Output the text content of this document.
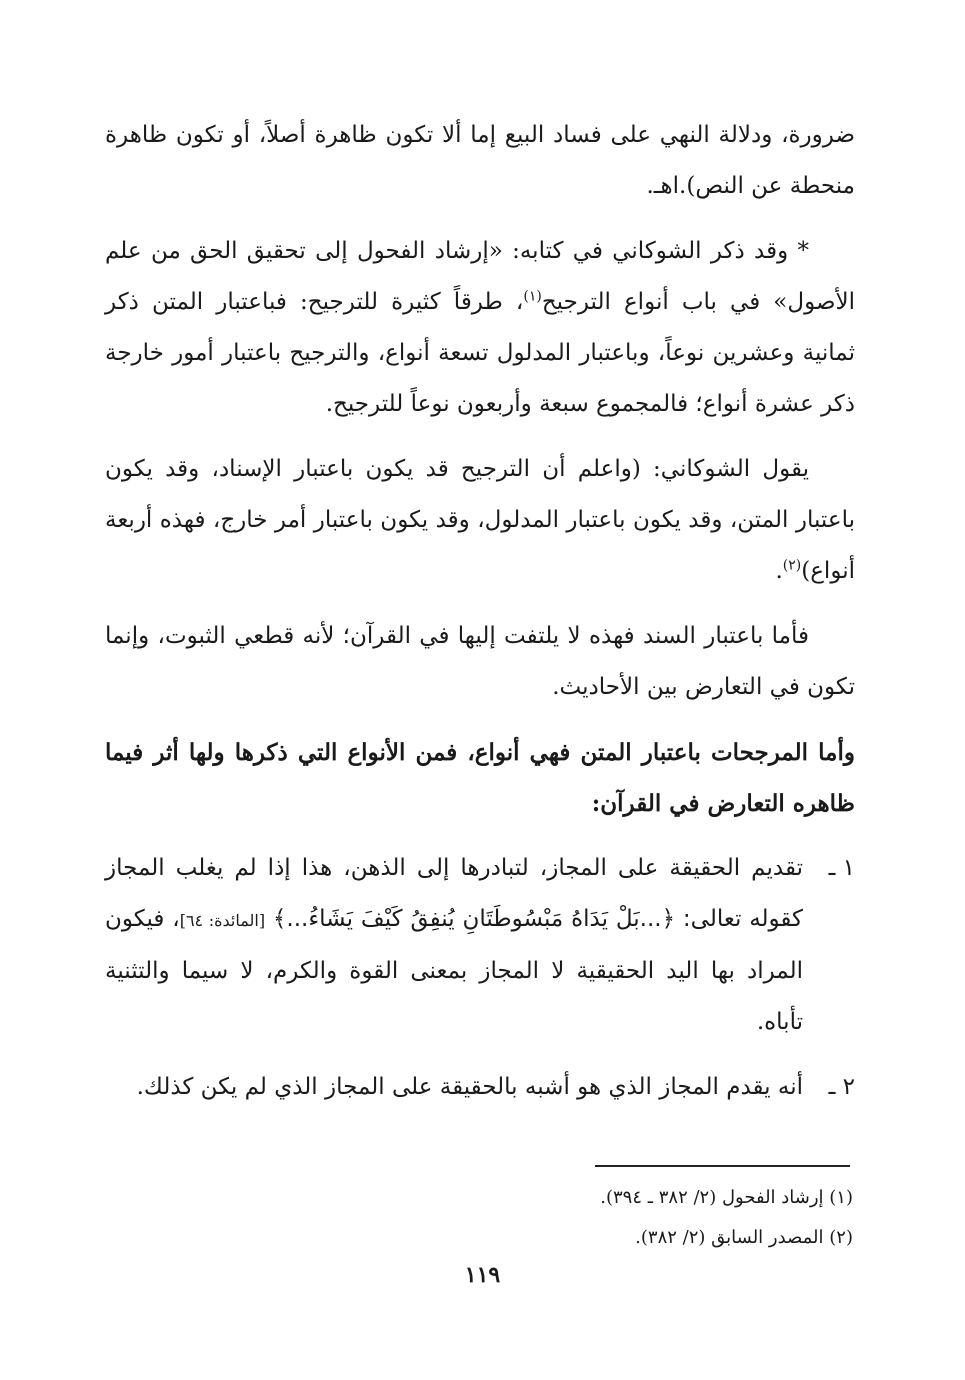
ضرورة، ودلالة النهي على فساد البيع إما ألا تكون ظاهرة أصلاً، أو تكون ظاهرة منحطة عن النص).اهـ.

* وقد ذكر الشوكاني في كتابه: «إرشاد الفحول إلى تحقيق الحق من علم الأصول» في باب أنواع الترجيح$^{(١)}$، طرقاً كثيرة للترجيح: فباعتبار المتن ذكر ثمانية وعشرين نوعاً، وباعتبار المدلول تسعة أنواع، والترجيح باعتبار أمور خارجة ذكر عشرة أنواع؛ فالمجموع سبعة وأربعون نوعاً للترجيح.

يقول الشوكاني: (واعلم أن الترجيح قد يكون باعتبار الإسناد، وقد يكون باعتبار المتن، وقد يكون باعتبار المدلول، وقد يكون باعتبار أمر خارج، فهذه أربعة أنواع)$^{(٢)}$.

فأما باعتبار السند فهذه لا يلتفت إليها في القرآن؛ لأنه قطعي الثبوت، وإنما تكون في التعارض بين الأحاديث.

وأما المرجحات باعتبار المتن فهي أنواع، فمن الأنواع التي ذكرها ولها أثر فيما ظاهره التعارض في القرآن:

١ ـ
تقديم الحقيقة على المجاز، لتبادرها إلى الذهن، هذا إذا لم يغلب المجاز كقوله تعالى: ﴿...بَلْ يَدَاهُ مَبْسُوطَتَانِ يُنفِقُ كَيْفَ يَشَاءُ...﴾ [المائدة: ٦٤]، فيكون المراد بها اليد الحقيقية لا المجاز بمعنى القوة والكرم، لا سيما والتثنية تأباه.
٢ ـ
أنه يقدم المجاز الذي هو أشبه بالحقيقة على المجاز الذي لم يكن كذلك.

(١) إرشاد الفحول (٢/ ٣٨٢ ـ ٣٩٤).

(٢) المصدر السابق (٢/ ٣٨٢).

١١٩
